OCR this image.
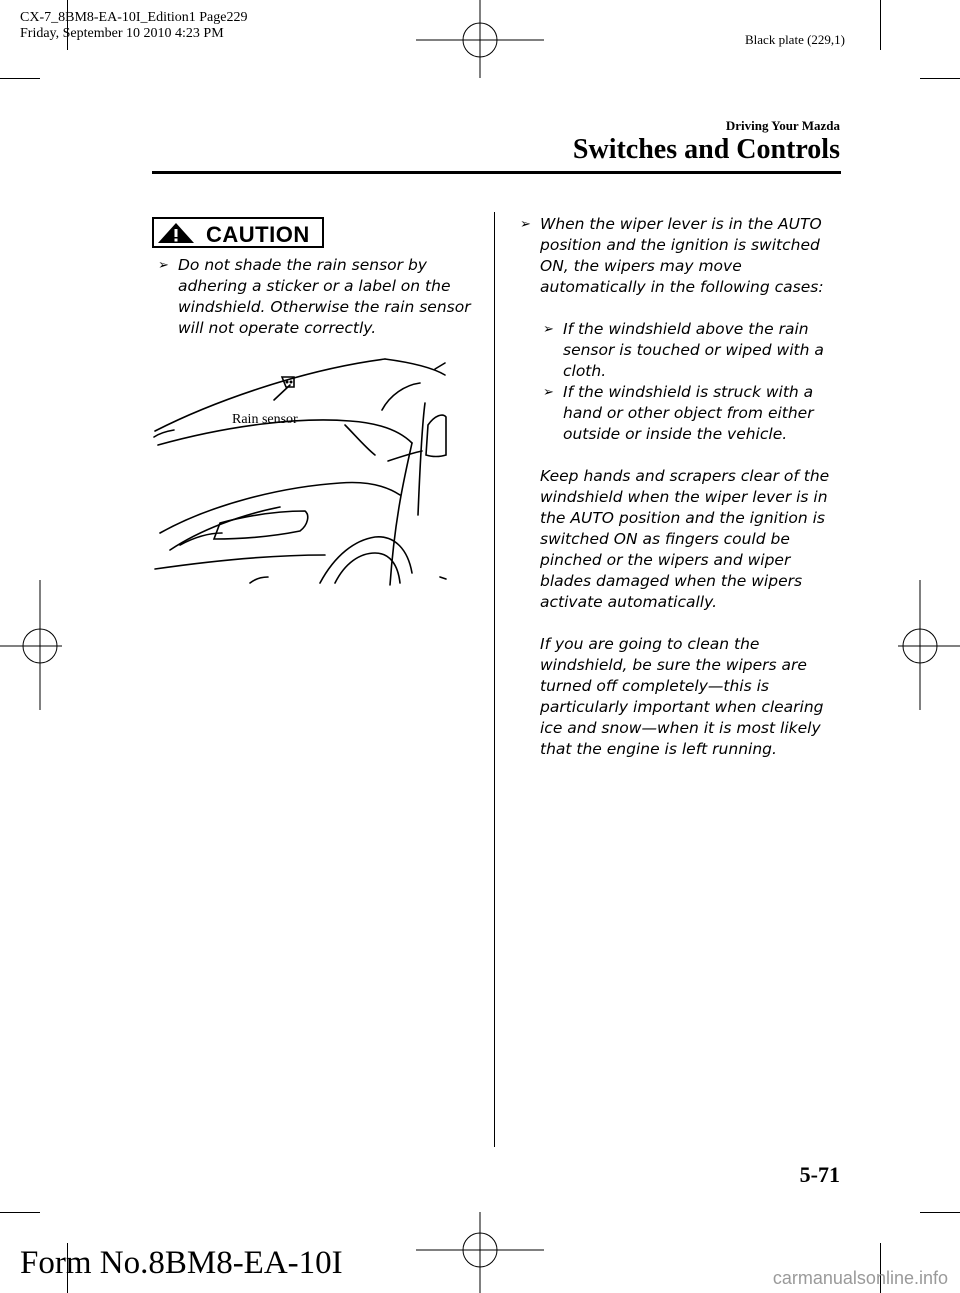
CX-7_8BM8-EA-10I_Edition1 Page229
Friday, September 10 2010 4:23 PM	Black plate (229,1)
Driving Your Mazda
Switches and Controls
CAUTION
➢ Do not shade the rain sensor by adhering a sticker or a label on the windshield. Otherwise the rain sensor will not operate correctly.
Rain sensor
➢ When the wiper lever is in the AUTO position and the ignition is switched ON, the wipers may move automatically in the following cases:
➢ If the windshield above the rain sensor is touched or wiped with a cloth.
➢ If the windshield is struck with a hand or other object from either outside or inside the vehicle.
Keep hands and scrapers clear of the windshield when the wiper lever is in the AUTO position and the ignition is switched ON as fingers could be pinched or the wipers and wiper blades damaged when the wipers activate automatically.
If you are going to clean the windshield, be sure the wipers are turned off completely—this is particularly important when clearing ice and snow—when it is most likely that the engine is left running.
5-71
Form No.8BM8-EA-10I	carmanualsonline.info
